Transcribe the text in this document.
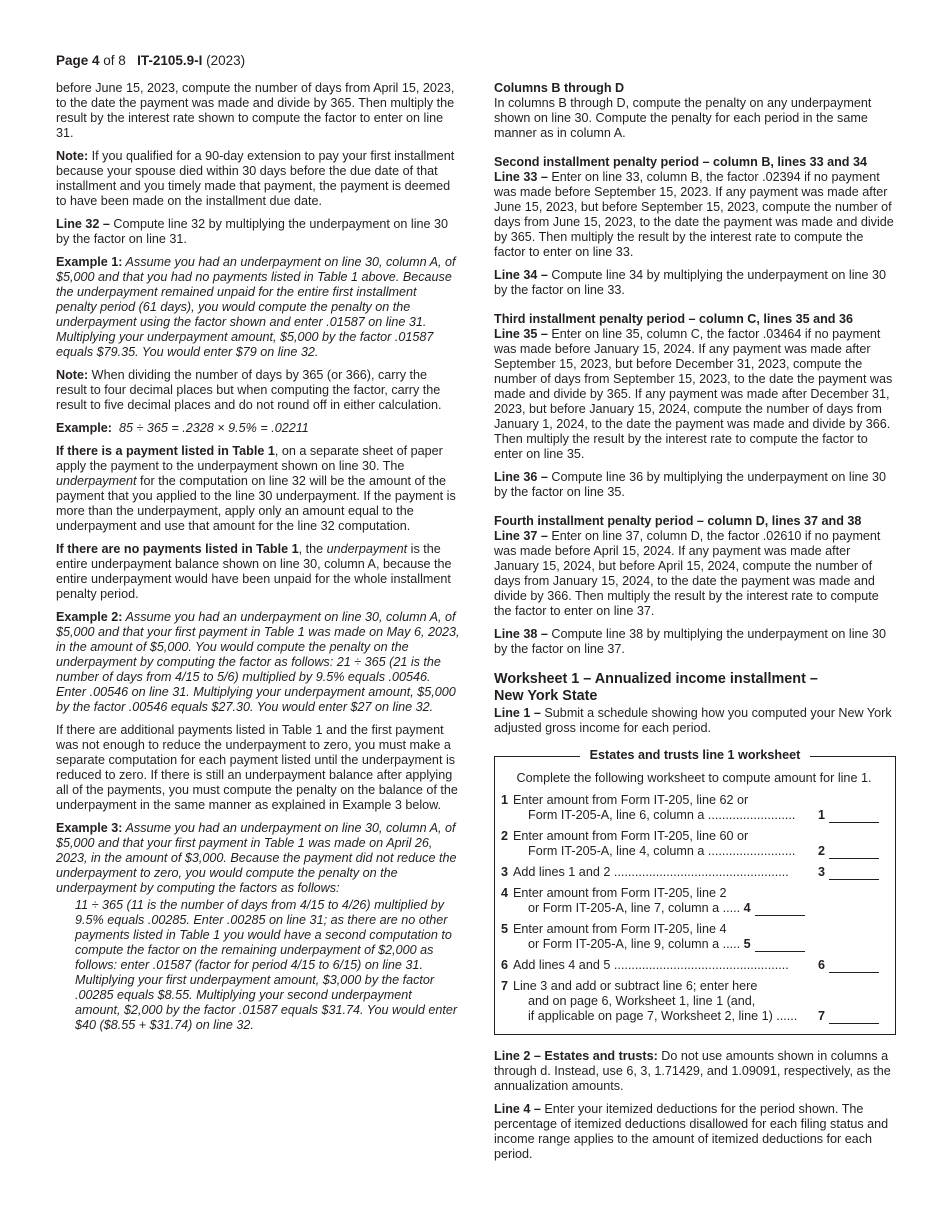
Page 4 of 8 IT-2105.9-I (2023)

before June 15, 2023, compute the number of days from April 15, 2023, to the date the payment was made and divide by 365. Then multiply the result by the interest rate shown to compute the factor to enter on line 31.

Note: If you qualified for a 90-day extension to pay your first installment because your spouse died within 30 days before the due date of that installment and you timely made that payment, the payment is deemed to have been made on the installment due date.

Line 32 – Compute line 32 by multiplying the underpayment on line 30 by the factor on line 31.

Example 1: Assume you had an underpayment on line 30, column A, of $5,000 and that you had no payments listed in Table 1 above. Because the underpayment remained unpaid for the entire first installment penalty period (61 days), you would compute the penalty on the underpayment using the factor shown and enter .01587 on line 31. Multiplying your underpayment amount, $5,000 by the factor .01587 equals $79.35. You would enter $79 on line 32.

Note: When dividing the number of days by 365 (or 366), carry the result to four decimal places but when computing the factor, carry the result to five decimal places and do not round off in either calculation.

Example: 85 ÷ 365 = .2328 × 9.5% = .02211

If there is a payment listed in Table 1, on a separate sheet of paper apply the payment to the underpayment shown on line 30. The underpayment for the computation on line 32 will be the amount of the payment that you applied to the line 30 underpayment. If the payment is more than the underpayment, apply only an amount equal to the underpayment and use that amount for the line 32 computation.

If there are no payments listed in Table 1, the underpayment is the entire underpayment balance shown on line 30, column A, because the entire underpayment would have been unpaid for the whole installment penalty period.

Example 2: Assume you had an underpayment on line 30, column A, of $5,000 and that your first payment in Table 1 was made on May 6, 2023, in the amount of $5,000. You would compute the penalty on the underpayment by computing the factor as follows: 21 ÷ 365 (21 is the number of days from 4/15 to 5/6) multiplied by 9.5% equals .00546. Enter .00546 on line 31. Multiplying your underpayment amount, $5,000 by the factor .00546 equals $27.30. You would enter $27 on line 32.

If there are additional payments listed in Table 1 and the first payment was not enough to reduce the underpayment to zero, you must make a separate computation for each payment listed until the underpayment is reduced to zero. If there is still an underpayment balance after applying all of the payments, you must compute the penalty on the balance of the underpayment in the same manner as explained in Example 3 below.

Example 3: Assume you had an underpayment on line 30, column A, of $5,000 and that your first payment in Table 1 was made on April 26, 2023, in the amount of $3,000. Because the payment did not reduce the underpayment to zero, you would compute the penalty on the underpayment by computing the factors as follows:

11 ÷ 365 (11 is the number of days from 4/15 to 4/26) multiplied by 9.5% equals .00285. Enter .00285 on line 31; as there are no other payments listed in Table 1 you would have a second computation to compute the factor on the remaining underpayment of $2,000 as follows: enter .01587 (factor for period 4/15 to 6/15) on line 31. Multiplying your first underpayment amount, $3,000 by the factor .00285 equals $8.55. Multiplying your second underpayment amount, $2,000 by the factor .01587 equals $31.74. You would enter $40 ($8.55 + $31.74) on line 32.

Columns B through D

In columns B through D, compute the penalty on any underpayment shown on line 30. Compute the penalty for each period in the same manner as in column A.

Second installment penalty period – column B, lines 33 and 34

Line 33 – Enter on line 33, column B, the factor .02394 if no payment was made before September 15, 2023. If any payment was made after June 15, 2023, but before September 15, 2023, compute the number of days from June 15, 2023, to the date the payment was made and divide by 365. Then multiply the result by the interest rate to compute the factor to enter on line 33.

Line 34 – Compute line 34 by multiplying the underpayment on line 30 by the factor on line 33.

Third installment penalty period – column C, lines 35 and 36

Line 35 – Enter on line 35, column C, the factor .03464 if no payment was made before January 15, 2024. If any payment was made after September 15, 2023, but before December 31, 2023, compute the number of days from September 15, 2023, to the date the payment was made and divide by 365. If any payment was made after December 31, 2023, but before January 15, 2024, compute the number of days from January 1, 2024, to the date the payment was made and divide by 366. Then multiply the result by the interest rate to compute the factor to enter on line 35.

Line 36 – Compute line 36 by multiplying the underpayment on line 30 by the factor on line 35.

Fourth installment penalty period – column D, lines 37 and 38

Line 37 – Enter on line 37, column D, the factor .02610 if no payment was made before April 15, 2024. If any payment was made after January 15, 2024, but before April 15, 2024, compute the number of days from January 15, 2024, to the date the payment was made and divide by 366. Then multiply the result by the interest rate to compute the factor to enter on line 37.

Line 38 – Compute line 38 by multiplying the underpayment on line 30 by the factor on line 37.

Worksheet 1 – Annualized income installment –
New York State

Line 1 – Submit a schedule showing how you computed your New York adjusted gross income for each period.

Estates and trusts line 1 worksheet
Complete the following worksheet to compute amount for line 1.
1 Enter amount from Form IT-205, line 62 or
Form IT-205-A, line 6, column a .........................	1
2 Enter amount from Form IT-205, line 60 or
Form IT-205-A, line 4, column a .........................	2
3 Add lines 1 and 2 ..................................................	3
4 Enter amount from Form IT-205, line 2
or Form IT-205-A, line 7, column a ..... 4
5 Enter amount from Form IT-205, line 4
or Form IT-205-A, line 9, column a ..... 5
6 Add lines 4 and 5 ..................................................	6
7 Line 3 and add or subtract line 6; enter here
and on page 6, Worksheet 1, line 1 (and,
if applicable on page 7, Worksheet 2, line 1) ......	7

Line 2 – Estates and trusts: Do not use amounts shown in columns a through d. Instead, use 6, 3, 1.71429, and 1.09091, respectively, as the annualization amounts.

Line 4 – Enter your itemized deductions for the period shown. The percentage of itemized deductions disallowed for each filing status and income range applies to the amount of itemized deductions for each period.
